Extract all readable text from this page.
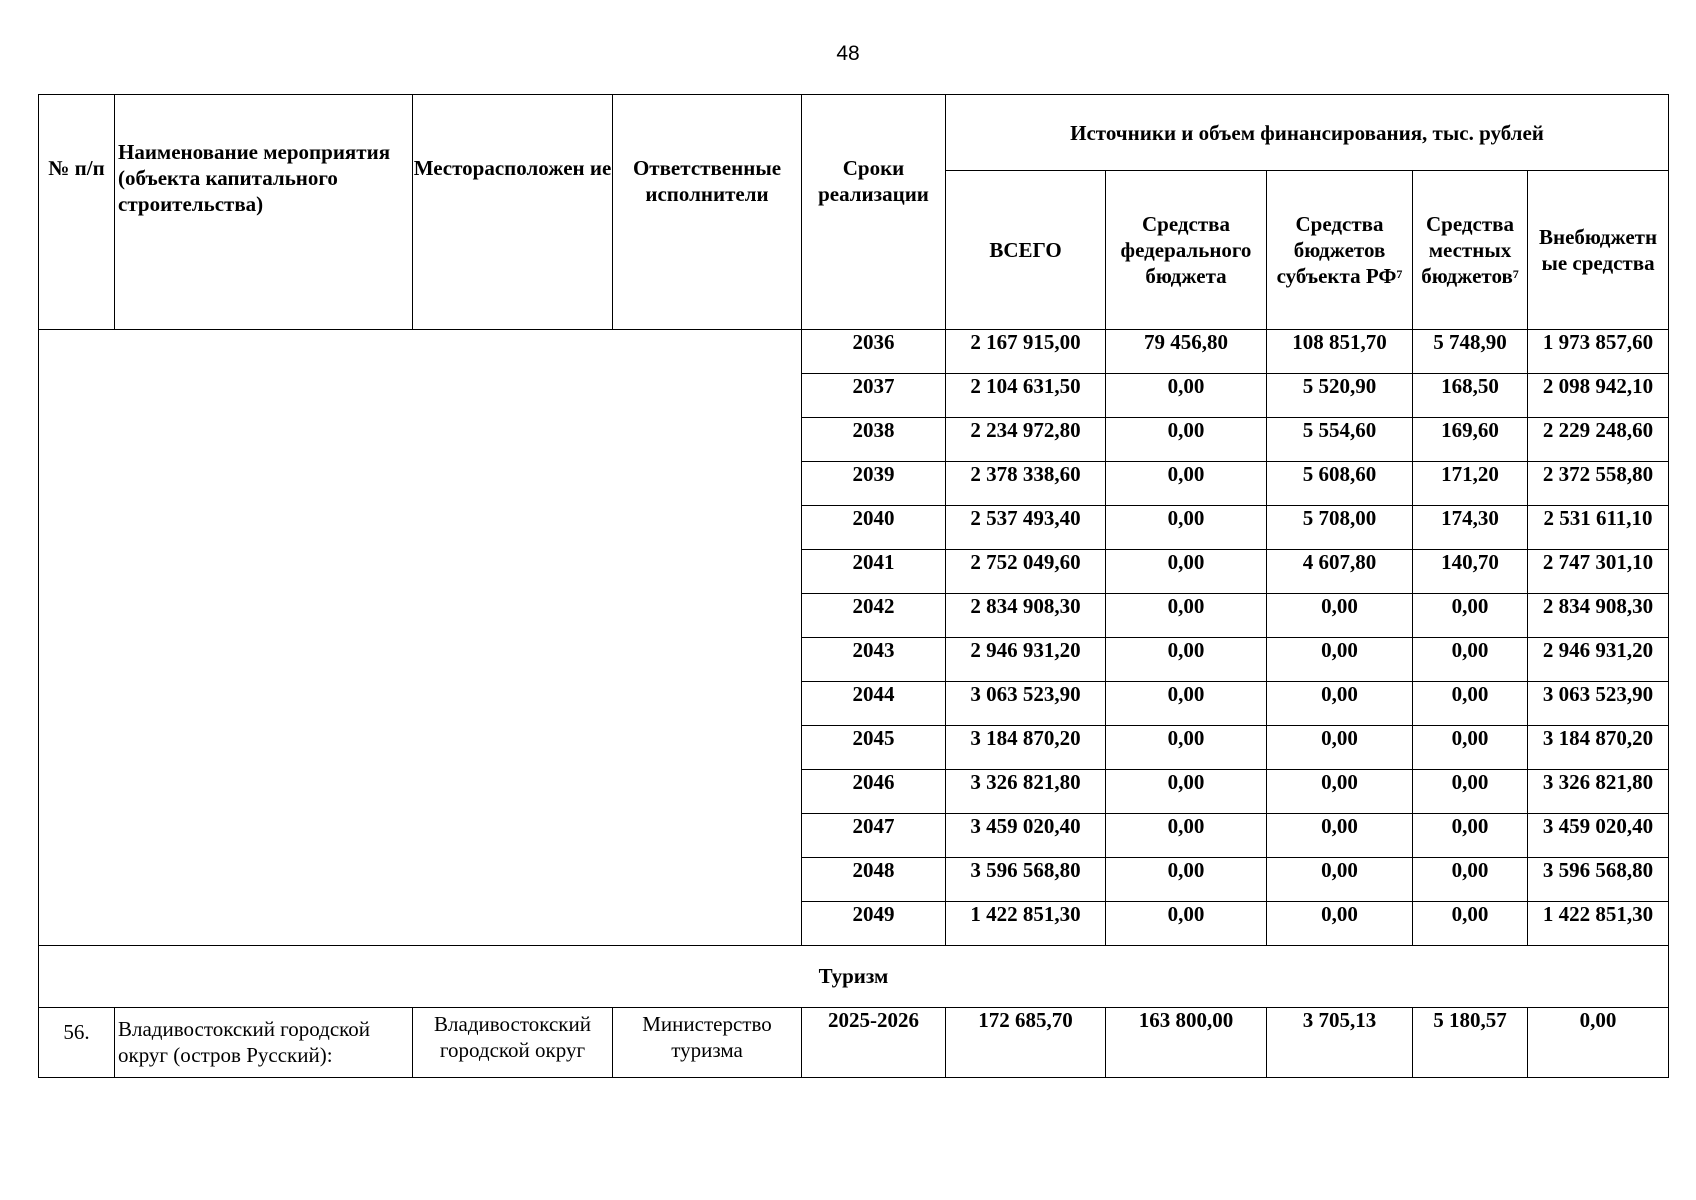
48
№ п/п	Наименование мероприятия (объекта капитального строительства)	Месторасположен ие	Ответственные исполнители	Сроки реализации	Источники и объем финансирования, тыс. рублей				
					ВСЕГО	Средства федерального бюджета	Средства бюджетов субъекта $РФ^7$	Средства местных бюджетов$^7$	Внебюджетн ые средства
				2036	2 167 915,00	79 456,80	108 851,70	5 748,90	1 973 857,60
				2037	2 104 631,50	0,00	5 520,90	168,50	2 098 942,10
				2038	2 234 972,80	0,00	5 554,60	169,60	2 229 248,60
				2039	2 378 338,60	0,00	5 608,60	171,20	2 372 558,80
				2040	2 537 493,40	0,00	5 708,00	174,30	2 531 611,10
				2041	2 752 049,60	0,00	4 607,80	140,70	2 747 301,10
				2042	2 834 908,30	0,00	0,00	0,00	2 834 908,30
				2043	2 946 931,20	0,00	0,00	0,00	2 946 931,20
				2044	3 063 523,90	0,00	0,00	0,00	3 063 523,90
				2045	3 184 870,20	0,00	0,00	0,00	3 184 870,20
				2046	3 326 821,80	0,00	0,00	0,00	3 326 821,80
				2047	3 459 020,40	0,00	0,00	0,00	3 459 020,40
				2048	3 596 568,80	0,00	0,00	0,00	3 596 568,80
				2049	1 422 851,30	0,00	0,00	0,00	1 422 851,30
Туризм									
56.	Владивостокский городской округ (остров Русский):	Владивостокский городской округ	Министерство туризма	2025-2026	172 685,70	163 800,00	3 705,13	5 180,57	0,00
